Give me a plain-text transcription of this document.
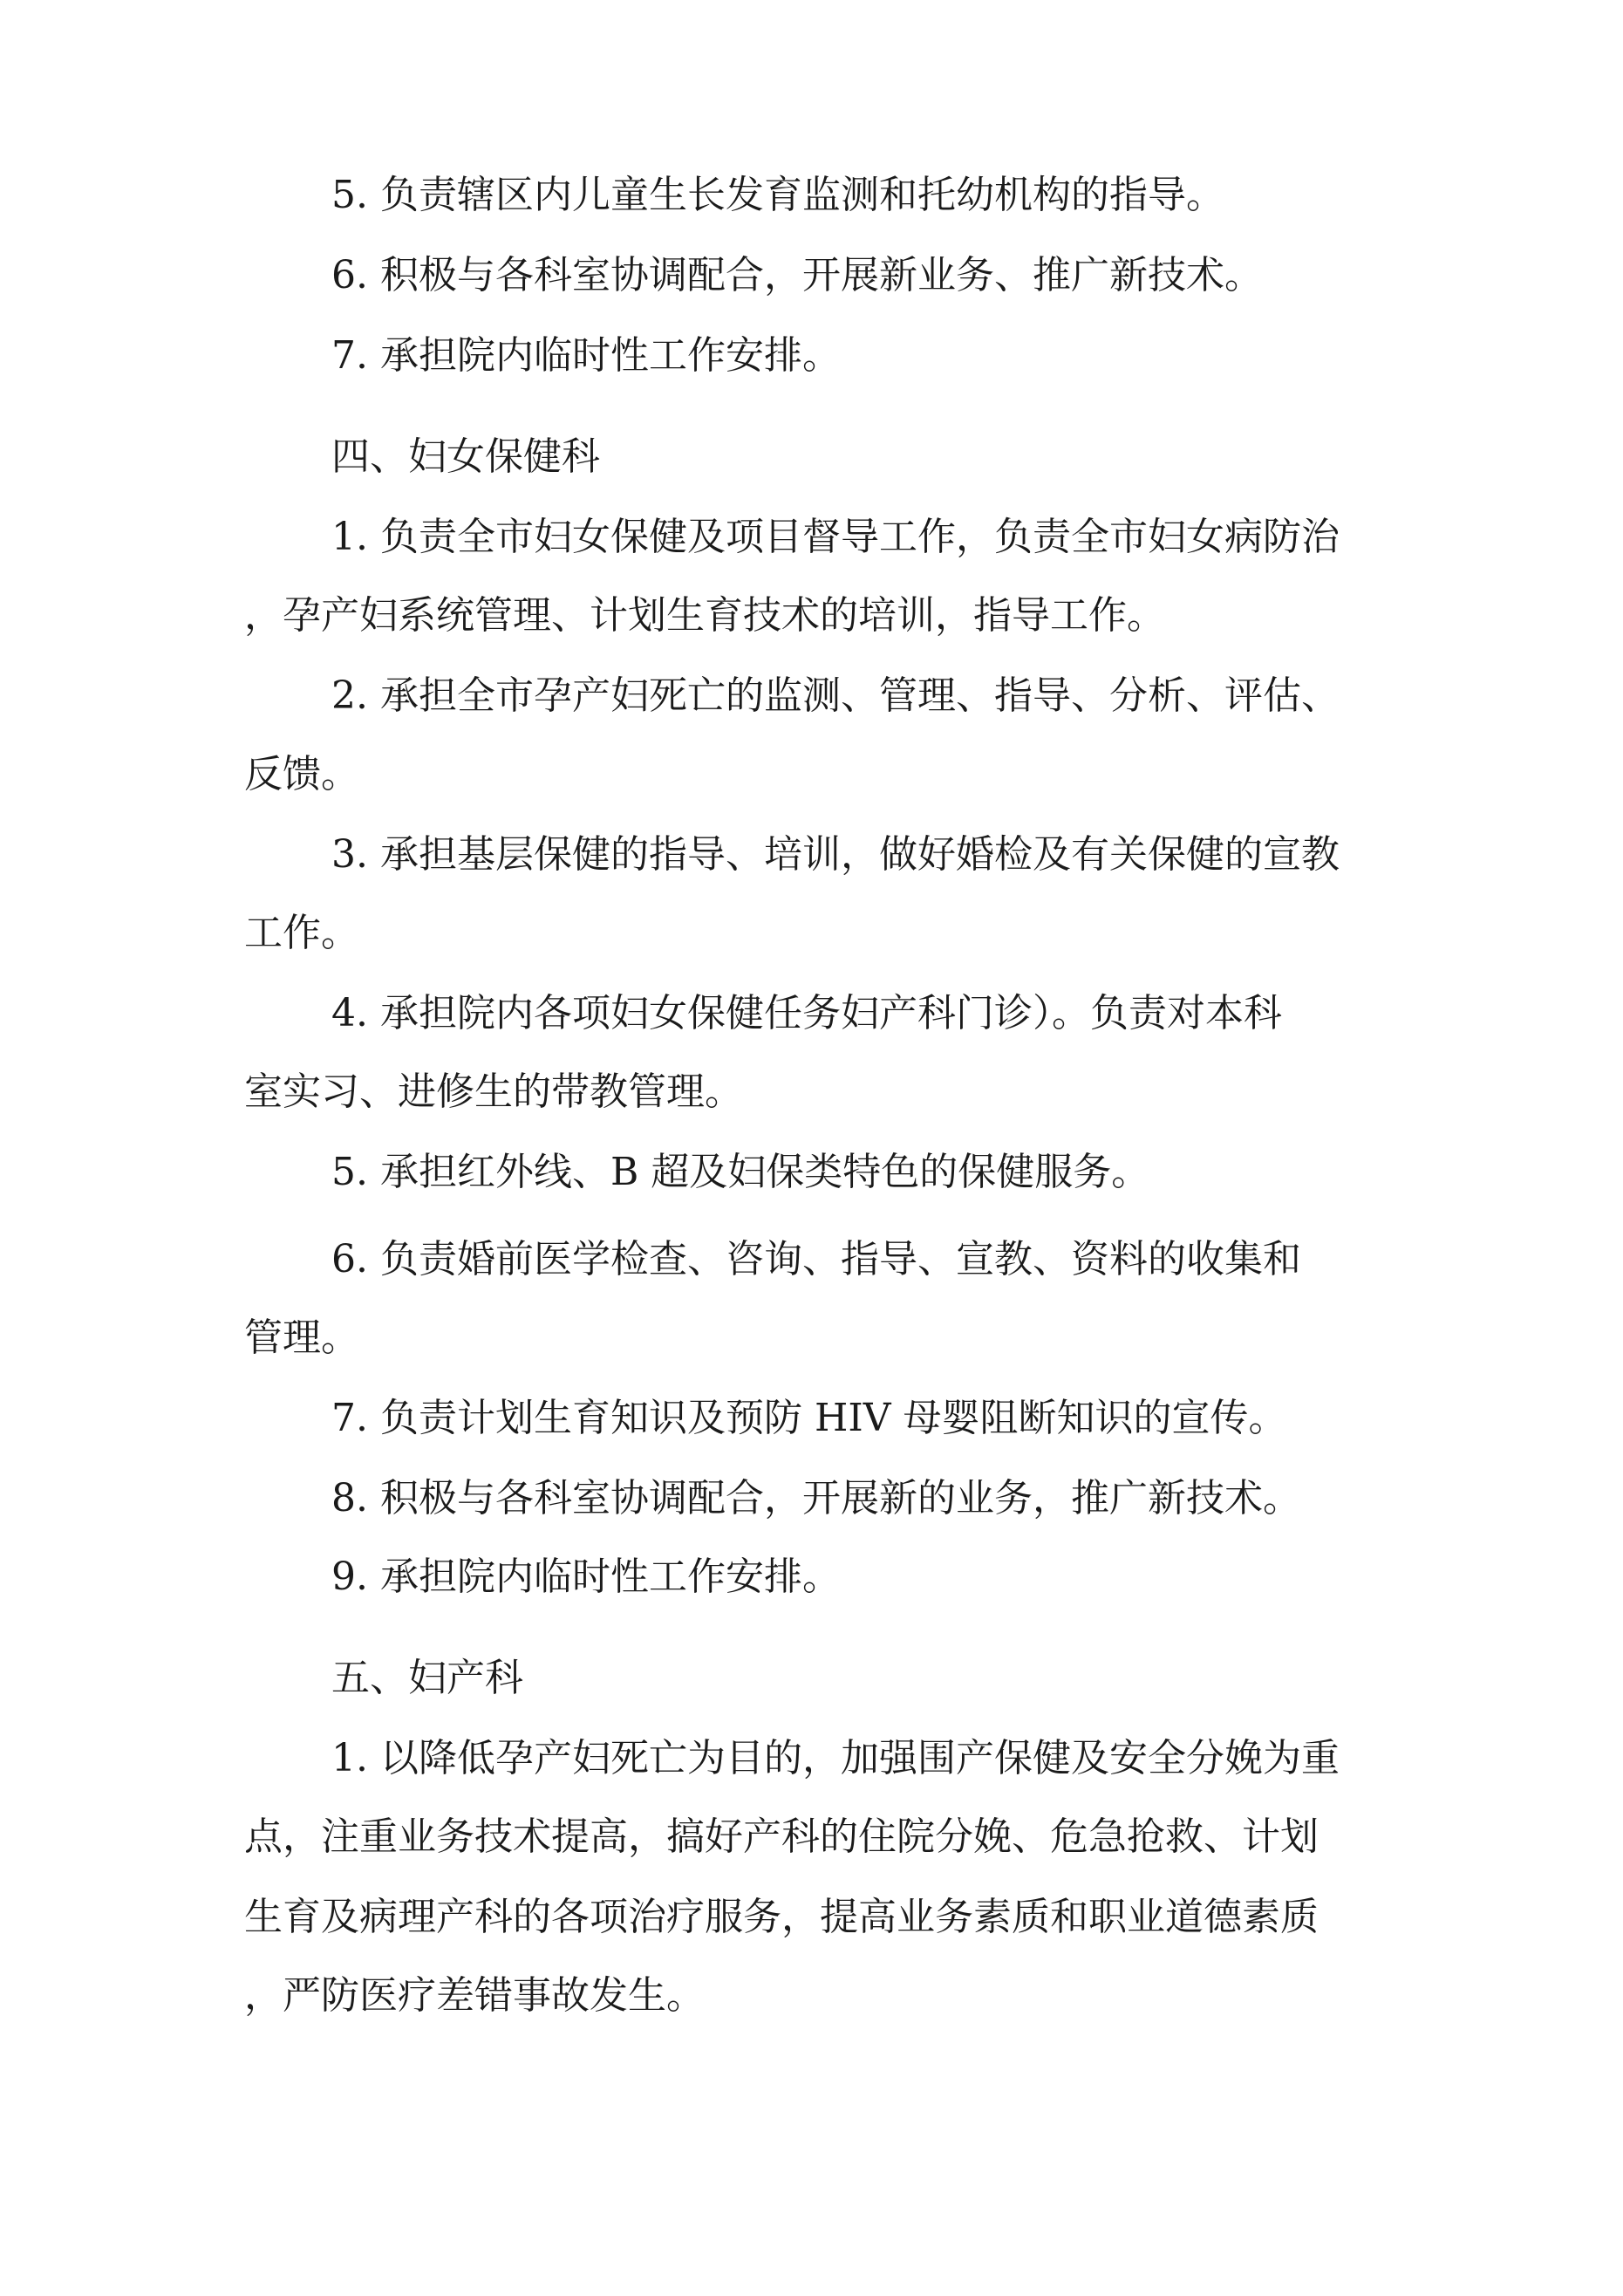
5. 负责辖区内儿童生长发育监测和托幼机构的指导。
6. 积极与各科室协调配合，开展新业务、推广新技术。
7. 承担院内临时性工作安排。
四、妇女保健科
1. 负责全市妇女保健及项目督导工作，负责全市妇女病防治
，孕产妇系统管理、计划生育技术的培训，指导工作。
2. 承担全市孕产妇死亡的监测、管理、指导、分析、评估、
反馈。
3. 承担基层保健的指导、培训，做好婚检及有关保健的宣教
工作。
4. 承担院内各项妇女保健任务妇产科门诊）。负责对本科
室实习、进修生的带教管理。
5. 承担红外线、B 超及妇保类特色的保健服务。
6. 负责婚前医学检查、咨询、指导、宣教、资料的收集和
管理。
7. 负责计划生育知识及预防 HIV 母婴阻断知识的宣传。
8. 积极与各科室协调配合，开展新的业务，推广新技术。
9. 承担院内临时性工作安排。
五、妇产科
1. 以降低孕产妇死亡为目的，加强围产保健及安全分娩为重
点，注重业务技术提高，搞好产科的住院分娩、危急抢救、计划
生育及病理产科的各项治疗服务，提高业务素质和职业道德素质
，严防医疗差错事故发生。
